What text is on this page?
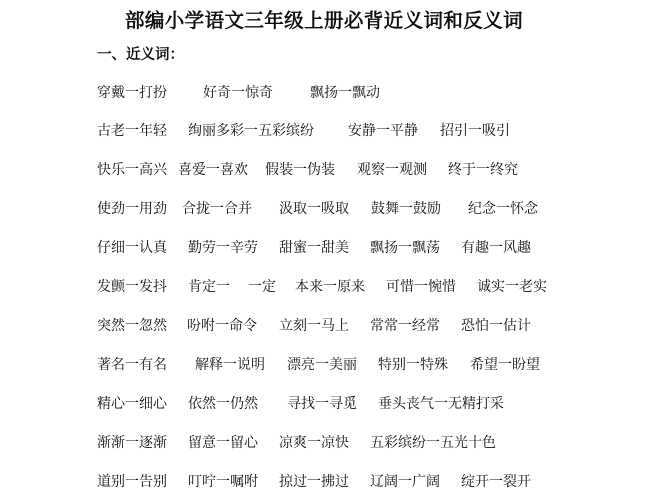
部编小学语文三年级上册必背近义词和反义词
一、近义词：
穿戴一打扮	好奇一惊奇	飘扬一飘动
古老一年轻 绚丽多彩一五彩缤纷 安静一平静 招引一吸引
快乐一高兴 喜爱一喜欢 假装一伪装 观察一观测 终于一终究
使劲一用劲 合拢一合并 汲取一吸取 鼓舞一鼓励 纪念一怀念
仔细一认真 勤劳一辛劳 甜蜜一甜美 飘扬一飘荡 有趣一风趣
发颤一发抖 肯定一 一定 本来一原来 可惜一惋惜 诚实一老实
突然一忽然 吩咐一命令 立刻一马上 常常一经常 恐怕一估计
著名一有名 解释一说明 漂亮一美丽 特别一特殊 希望一盼望
精心一细心 依然一仍然 寻找一寻觅 垂头丧气一无精打采
渐渐一逐渐 留意一留心 凉爽一凉快 五彩缤纷一五光十色
道别一告别 叮咛一嘱咐 掠过一拂过 辽阔一广阔 绽开一裂开
